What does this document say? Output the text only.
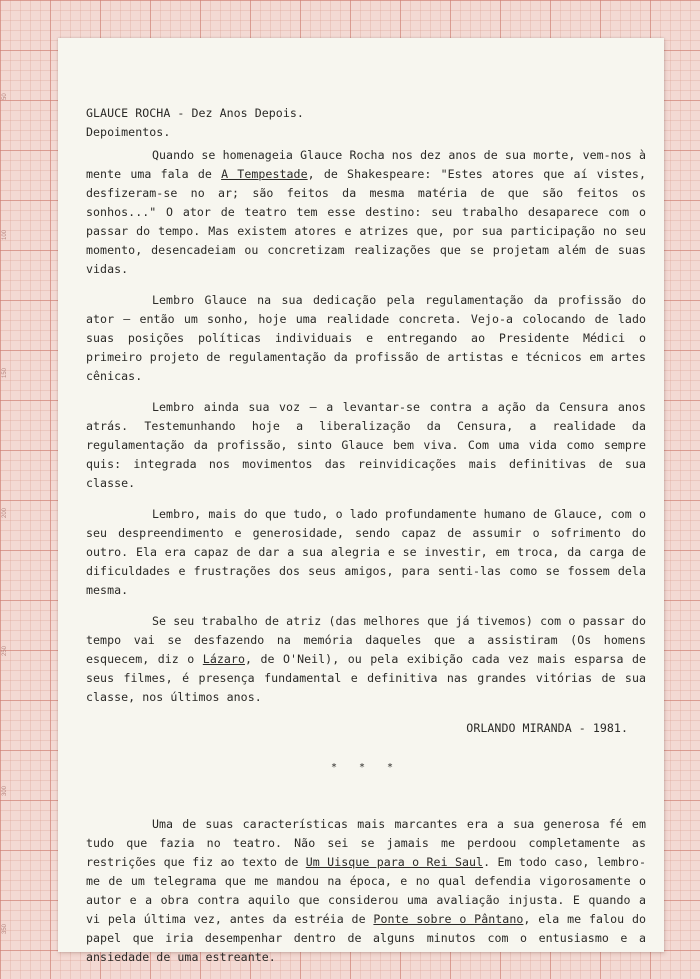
50
100
150
200
250
300
350

GLAUCE ROCHA - Dez Anos Depois.

Depoimentos.

Quando se homenageia Glauce Rocha nos dez anos de sua morte, vem-nos à mente uma fala de A Tempestade, de Shakespeare: "Estes atores que aí vistes, desfizeram-se no ar; são feitos da mesma matéria de que são feitos os sonhos..." O ator de teatro tem esse destino: seu trabalho desaparece com o passar do tempo. Mas existem atores e atrizes que, por sua participação no seu momento, desencadeiam ou concretizam realizações que se projetam além de suas vidas.

Lembro Glauce na sua dedicação pela regulamentação da profissão do ator — então um sonho, hoje uma realidade concreta. Vejo-a colocando de lado suas posições políticas individuais e entregando ao Presidente Médici o primeiro projeto de regulamentação da profissão de artistas e técnicos em artes cênicas.

Lembro ainda sua voz — a levantar-se contra a ação da Censura anos atrás. Testemunhando hoje a liberalização da Censura, a realidade da regulamentação da profissão, sinto Glauce bem viva. Com uma vida como sempre quis: integrada nos movimentos das reinvidicações mais definitivas de sua classe.

Lembro, mais do que tudo, o lado profundamente humano de Glauce, com o seu despreendimento e generosidade, sendo capaz de assumir o sofrimento do outro. Ela era capaz de dar a sua alegria e se investir, em troca, da carga de dificuldades e frustrações dos seus amigos, para senti-las como se fossem dela mesma.

Se seu trabalho de atriz (das melhores que já tivemos) com o passar do tempo vai se desfazendo na memória daqueles que a assistiram (Os homens esquecem, diz o Lázaro, de O'Neil), ou pela exibição cada vez mais esparsa de seus filmes, é presença fundamental e definitiva nas grandes vitórias de sua classe, nos últimos anos.

ORLANDO MIRANDA - 1981.

* * *

Uma de suas características mais marcantes era a sua generosa fé em tudo que fazia no teatro. Não sei se jamais me perdoou completamente as restrições que fiz ao texto de Um Uisque para o Rei Saul. Em todo caso, lembro-me de um telegrama que me mandou na época, e no qual defendia vigorosamente o autor e a obra contra aquilo que considerou uma avaliação injusta. E quando a vi pela última vez, antes da estréia de Ponte sobre o Pântano, ela me falou do papel que iria desempenhar dentro de alguns minutos com o entusiasmo e a ansiedade de uma estreante.
